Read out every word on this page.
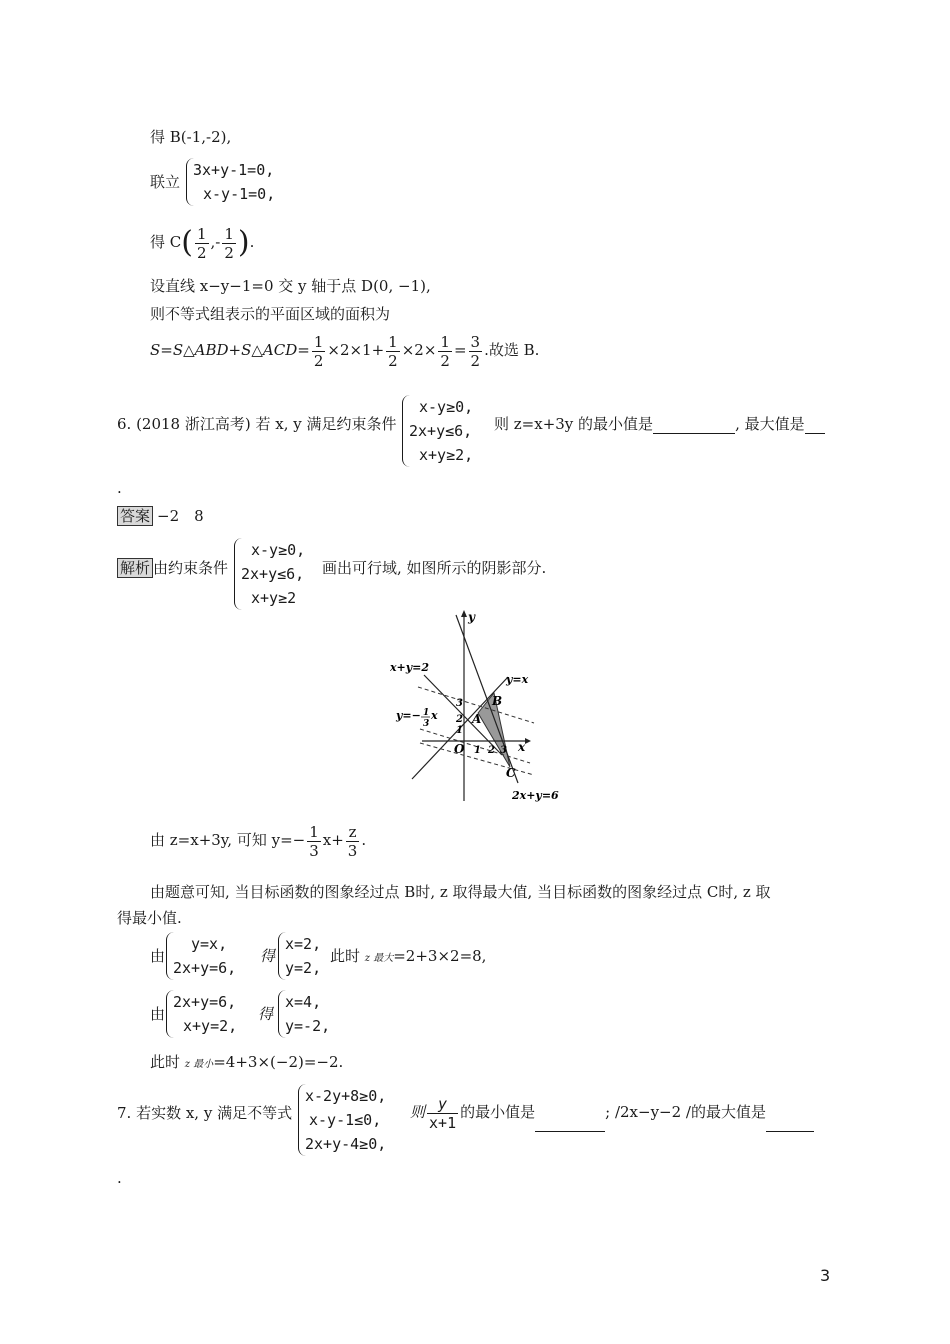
得 B(-1,-2),
联立
3x+y-1=0,
x-y-1=0,
得 $C( \frac{1}{2}$ ,- $\frac{1}{2}$ ).
设直线 x−y−1=0 交 y 轴于点 D(0, −1),
则不等式组表示的平面区域的面积为
S=S△ABD+S△ACD= $\frac{1}{2} \times 2\times 1+ \frac{1}{2} \times 2\times \frac{1}{2} = \frac{3}{2}$ .故选 B.
6. (2018 浙江高考) 若 x, y 满足约束条件
x-y≥0,
2x+y≤6,
x+y≥2,
则 z=x+3y 的最小值是	, 最大值是
.
答案 −2　8
解析 由约束条件
x-y≥0,
2x+y≤6,
x+y≥2
画出可行域, 如图所示的阴影部分.
x+y=2
y=x
y=− 1
3
x
2x+y=6
x
y
A
B
C
O
3
2
1
1 2 3
由 z=x+3y, 可知 $y=- \frac{1}{3} x+ \frac{z}{3}$ .
由题意可知, 当目标函数的图象经过点 B时, z 取得最大值, 当目标函数的图象经过点 C时, z 取
得最小值.
由
y=x,
2x+y=6,
得
x=2,
y=2,
此时 z 最大=2+3×2=8,
由
2x+y=6,
x+y=2,
得
x=4,
y=-2,
此时 z 最小=4+3×(−2)=−2.
7. 若实数 x, y 满足不等式
x-2y+8≥0,
x-y-1≤0,
2x+y-4≥0,
则 $\frac{y}{x+1}$ 的最小值是	; /2x−y−2 /的最大值是
.
3
